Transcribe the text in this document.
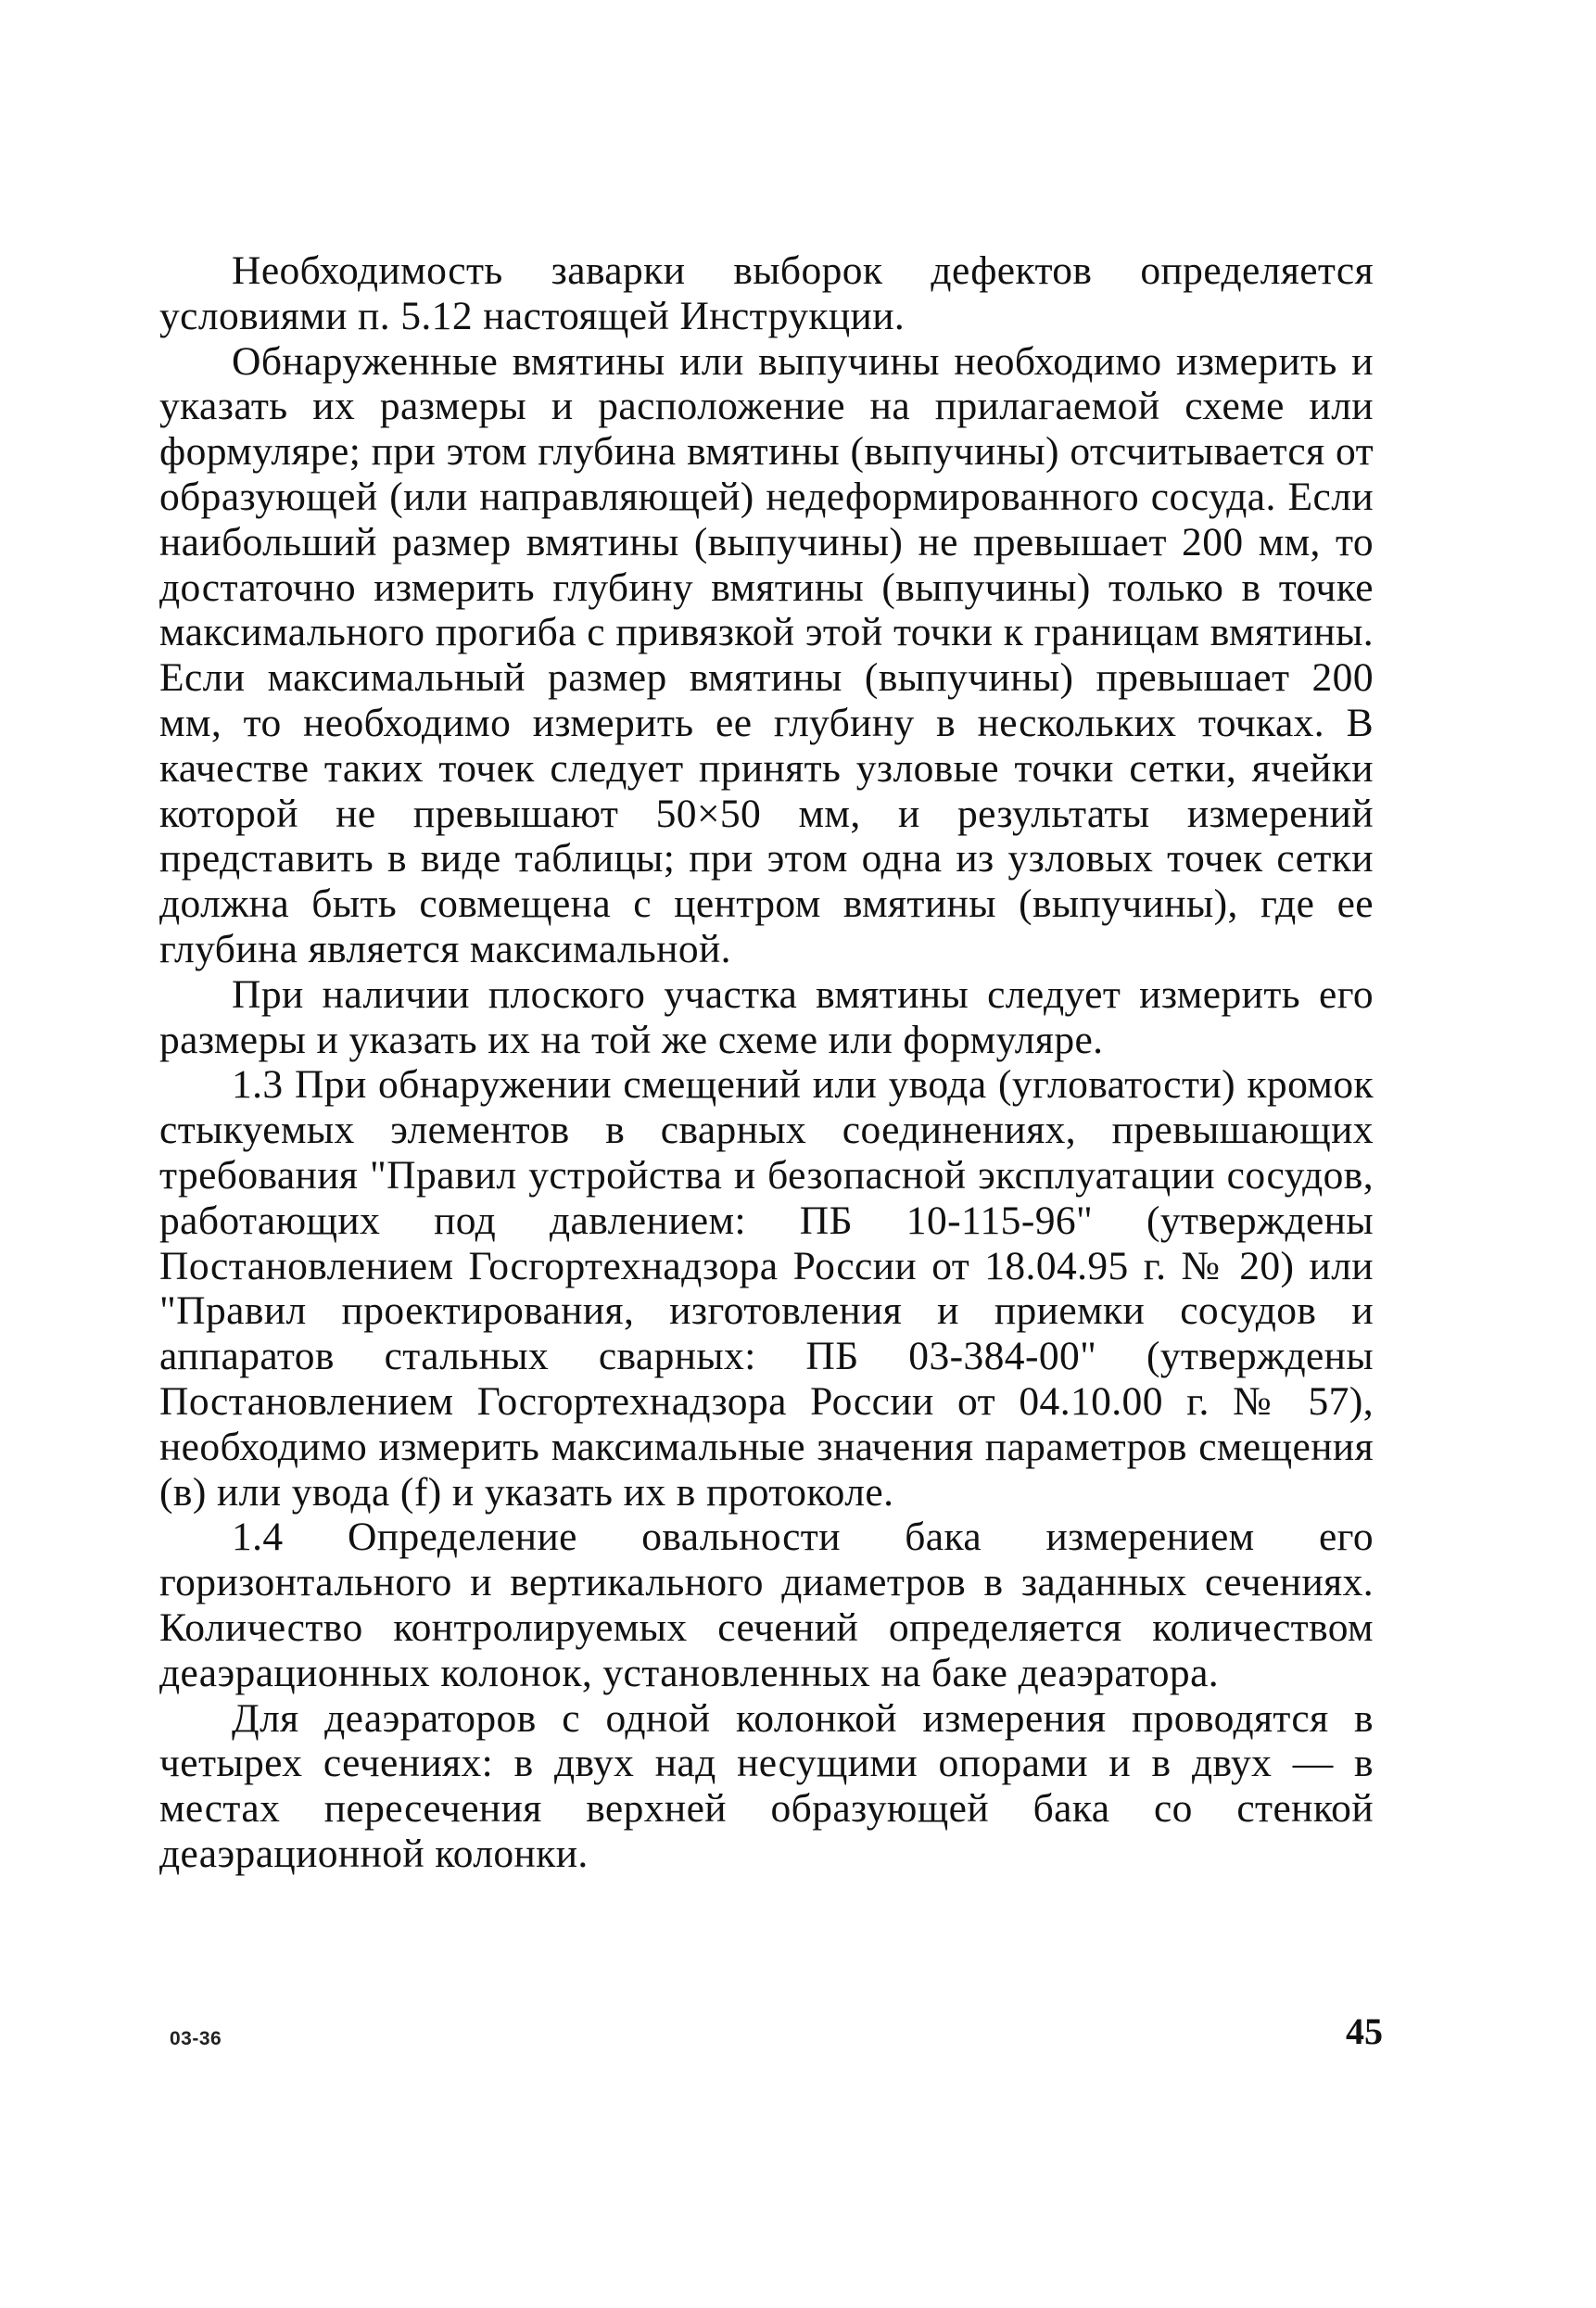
Необходимость заварки выборок дефектов определяется условиями п. 5.12 настоящей Инструкции.

Обнаруженные вмятины или выпучины необходимо измерить и указать их размеры и расположение на прилагаемой схеме или формуляре; при этом глубина вмятины (выпучины) отсчитывается от образующей (или направляющей) недеформированного сосуда. Если наибольший размер вмятины (выпучины) не превышает 200 мм, то достаточно измерить глубину вмятины (выпучины) только в точке максимального прогиба с привязкой этой точки к границам вмятины. Если максимальный размер вмятины (выпучины) превышает 200 мм, то необходимо измерить ее глубину в нескольких точках. В качестве таких точек следует принять узловые точки сетки, ячейки которой не превышают 50×50 мм, и результаты измерений представить в виде таблицы; при этом одна из узловых точек сетки должна быть совмещена с центром вмятины (выпучины), где ее глубина является максимальной.

При наличии плоского участка вмятины следует измерить его размеры и указать их на той же схеме или формуляре.

1.3 При обнаружении смещений или увода (угловатости) кромок стыкуемых элементов в сварных соединениях, превышающих требования "Правил устройства и безопасной эксплуатации сосудов, работающих под давлением: ПБ 10-115-96" (утверждены Постановлением Госгортехнадзора России от 18.04.95 г. № 20) или "Правил проектирования, изготовления и приемки сосудов и аппаратов стальных сварных: ПБ 03-384-00" (утверждены Постановлением Госгортехнадзора России от 04.10.00 г. № 57), необходимо измерить максимальные значения параметров смещения (в) или увода (f) и указать их в протоколе.

1.4 Определение овальности бака измерением его горизонтального и вертикального диаметров в заданных сечениях. Количество контролируемых сечений определяется количеством деаэрационных колонок, установленных на баке деаэратора.

Для деаэраторов с одной колонкой измерения проводятся в четырех сечениях: в двух над несущими опорами и в двух — в местах пересечения верхней образующей бака со стенкой деаэрационной колонки.

03-36	45
